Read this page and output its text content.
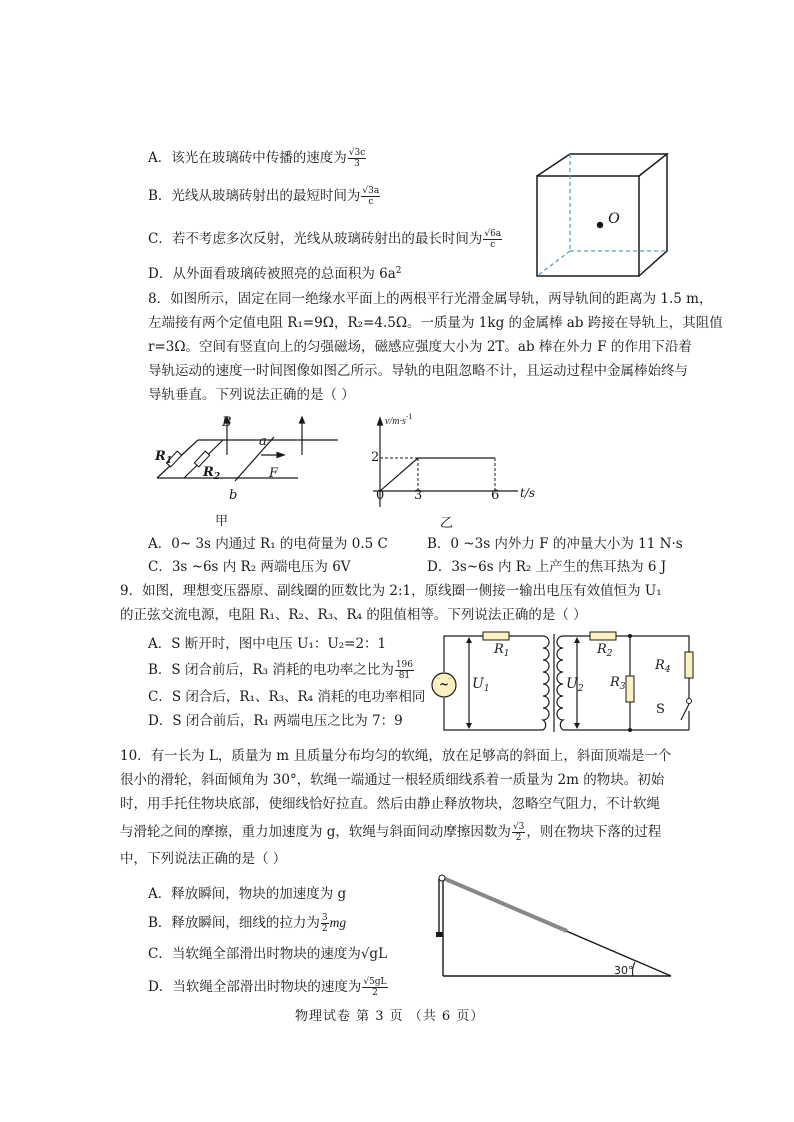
A．该光在玻璃砖中传播的速度为 $\frac{√3c}{3}$
B．光线从玻璃砖射出的最短时间为 $\frac{√3a}{c}$
C．若不考虑多次反射，光线从玻璃砖射出的最长时间为 $\frac{√6a}{c}$
D．从外面看玻璃砖被照亮的总面积为 $6a^2$
O
8．如图所示，固定在同一绝缘水平面上的两根平行光滑金属导轨，两导轨间的距离为 1.5 m，
左端接有两个定值电阻 R₁=9Ω，R₂=4.5Ω。一质量为 1kg 的金属棒 ab 跨接在导轨上，其阻值
r=3Ω。空间有竖直向上的匀强磁场，磁感应强度大小为 2T。ab 棒在外力 F 的作用下沿着
导轨运动的速度一时间图像如图乙所示。导轨的电阻忽略不计，且运动过程中金属棒始终与
导轨垂直。下列说法正确的是（ ）
B
a
b
F
$R_1$
$R_2$
甲
$v/m\cdot s^{-1}$
2
0 3	6 t/s
乙
A．0~ 3s 内通过 R₁ 的电荷量为 0.5 C	B．0 ~3s 内外力 F 的冲量大小为 11 N·s
C．3s ~6s 内 R₂ 两端电压为 6V	D．3s~6s 内 R₂ 上产生的焦耳热为 6 J
9．如图，理想变压器原、副线圈的匝数比为 2:1，原线圈一侧接一输出电压有效值恒为 U₁
的正弦交流电源，电阻 R₁、R₂、R₃、R₄ 的阻值相等。下列说法正确的是（ ）
A．S 断开时，图中电压 U₁：U₂=2：1
B．S 闭合前后，R₃ 消耗的电功率之比为 $\frac{196}{81}$
C．S 闭合后，R₁、R₃、R₄ 消耗的电功率相同
D．S 闭合前后，R₁ 两端电压之比为 7：9
~
$R_1$	$R_2$
$R_3$
$R_4$
$U_1$	$U_2$
S
10．有一长为 L，质量为 m 且质量分布均匀的软绳，放在足够高的斜面上，斜面顶端是一个
很小的滑轮，斜面倾角为 30°，软绳一端通过一根轻质细线系着一质量为 2m 的物块。初始
时，用手托住物块底部，使细线恰好拉直。然后由静止释放物块，忽略空气阻力，不计软绳
与滑轮之间的摩擦，重力加速度为 g，软绳与斜面间动摩擦因数为 $\frac{√3}{2}$ ，则在物块下落的过程
中，下列说法正确的是（ ）
A．释放瞬间，物块的加速度为 g
B．释放瞬间，细线的拉力为 $\frac{3}{2}$ mg
C．当软绳全部滑出时物块的速度为√gL
D．当软绳全部滑出时物块的速度为 $\frac{√5gL}{2}$
30°
物理试卷 第 3 页 （共 6 页）
